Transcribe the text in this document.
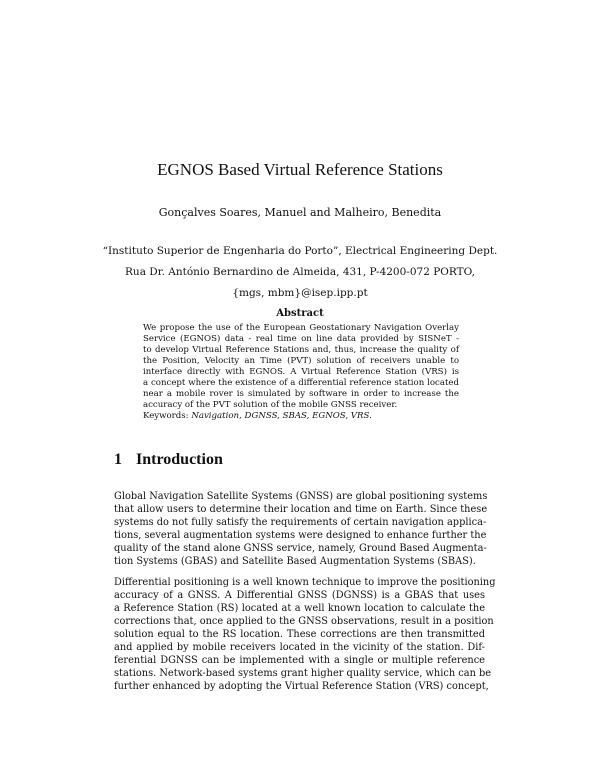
EGNOS Based Virtual Reference Stations
Gonçalves Soares, Manuel and Malheiro, Benedita
“Instituto Superior de Engenharia do Porto”, Electrical Engineering Dept.
Rua Dr. António Bernardino de Almeida, 431, P-4200-072 PORTO,
{mgs, mbm}@isep.ipp.pt
Abstract
We propose the use of the European Geostationary Navigation Overlay
Service (EGNOS) data - real time on line data provided by SISNeT -
to develop Virtual Reference Stations and, thus, increase the quality of
the Position, Velocity an Time (PVT) solution of receivers unable to
interface directly with EGNOS. A Virtual Reference Station (VRS) is
a concept where the existence of a differential reference station located
near a mobile rover is simulated by software in order to increase the
accuracy of the PVT solution of the mobile GNSS receiver.
Keywords: Navigation, DGNSS, SBAS, EGNOS, VRS.
1 Introduction
Global Navigation Satellite Systems (GNSS) are global positioning systems
that allow users to determine their location and time on Earth. Since these
systems do not fully satisfy the requirements of certain navigation applica-
tions, several augmentation systems were designed to enhance further the
quality of the stand alone GNSS service, namely, Ground Based Augmenta-
tion Systems (GBAS) and Satellite Based Augmentation Systems (SBAS).
Differential positioning is a well known technique to improve the positioning
accuracy of a GNSS. A Differential GNSS (DGNSS) is a GBAS that uses
a Reference Station (RS) located at a well known location to calculate the
corrections that, once applied to the GNSS observations, result in a position
solution equal to the RS location. These corrections are then transmitted
and applied by mobile receivers located in the vicinity of the station. Dif-
ferential DGNSS can be implemented with a single or multiple reference
stations. Network-based systems grant higher quality service, which can be
further enhanced by adopting the Virtual Reference Station (VRS) concept,
